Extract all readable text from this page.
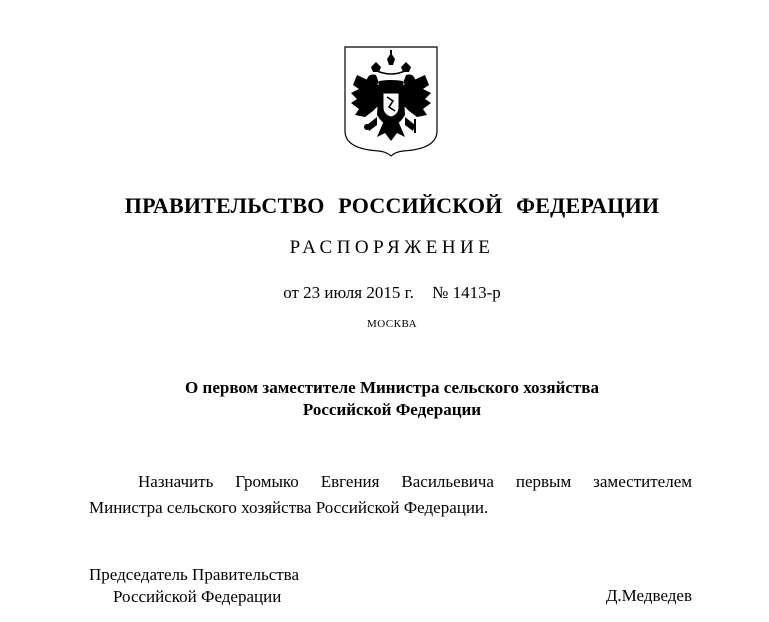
ПРАВИТЕЛЬСТВО РОССИЙСКОЙ ФЕДЕРАЦИИ
РАСПОРЯЖЕНИЕ
от 23 июля 2015 г. № 1413-р
МОСКВА
О первом заместителе Министра сельского хозяйства
Российской Федерации
Назначить Громыко Евгения Васильевича первым заместителем
Министра сельского хозяйства Российской Федерации.
Председатель Правительства
Российской Федерации	Д.Медведев
